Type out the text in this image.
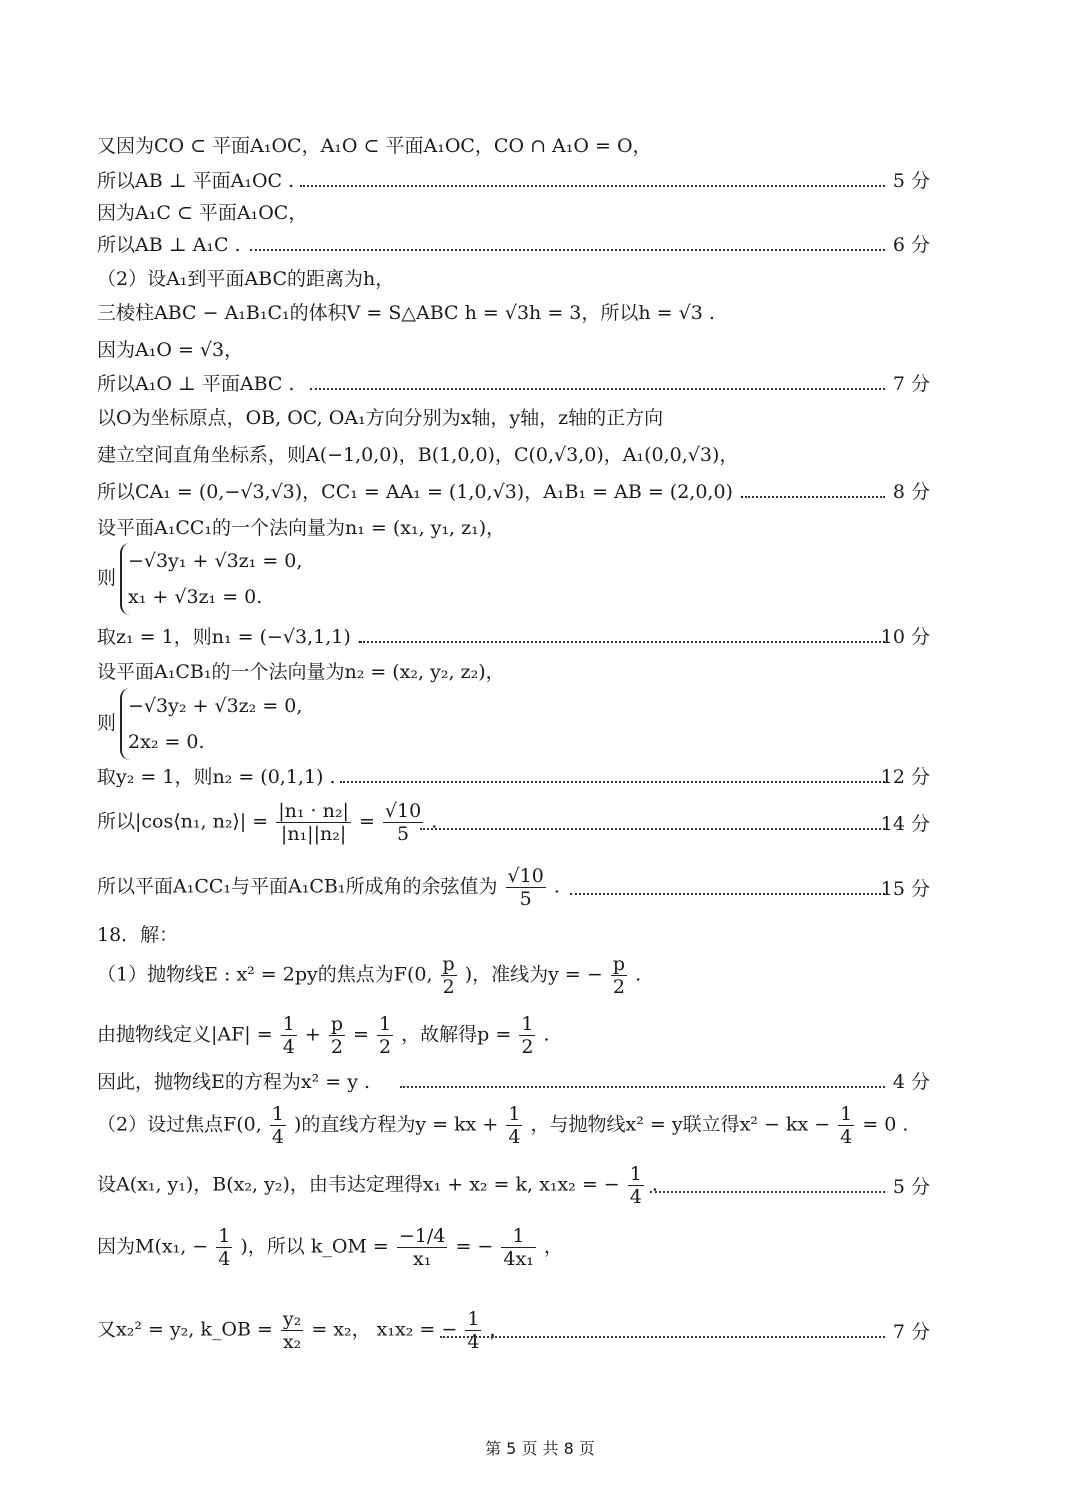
又因为CO ⊂ 平面A₁OC，A₁O ⊂ 平面A₁OC，CO ∩ A₁O = O，
所以AB ⊥ 平面A₁OC .	5 分
因为A₁C ⊂ 平面A₁OC，
所以AB ⊥ A₁C .	6 分
（2）设A₁到平面ABC的距离为h，
三棱柱ABC − A₁B₁C₁的体积V = S△ABC h = √3h = 3，所以h = √3 .
因为A₁O = √3，
所以A₁O ⊥ 平面ABC .	7 分
以O为坐标原点，OB, OC, OA₁方向分别为x轴，y轴，z轴的正方向
建立空间直角坐标系，则A(−1,0,0)，B(1,0,0)，C(0,√3,0)，A₁(0,0,√3)，
所以CA₁ = (0,−√3,√3)，CC₁ = AA₁ = (1,0,√3)，A₁B₁ = AB = (2,0,0) .	8 分
设平面A₁CC₁的一个法向量为n₁ = (x₁, y₁, z₁)，
则
−√3y₁ + √3z₁ = 0,
x₁ + √3z₁ = 0.
取z₁ = 1，则n₁ = (−√3,1,1) .	10 分
设平面A₁CB₁的一个法向量为n₂ = (x₂, y₂, z₂)，
则
−√3y₂ + √3z₂ = 0,
2x₂ = 0.
取y₂ = 1，则n₂ = (0,1,1) .	12 分
所以|cos⟨n₁, n₂⟩| = $\frac{\text{|n₁ · n₂|}}{\text{|n₁||n₂|}} = \frac{√10}{5}$ .	14 分
所以平面A₁CC₁与平面A₁CB₁所成角的余弦值为 $\frac{√10}{5}$ .	15 分
18．解：
（1）抛物线E : x² = 2py的焦点为F(0, $\frac{p}{2}$ )，准线为y = − $\frac{p}{2}$ .
由抛物线定义$|AF| = \frac{1}{4} + \frac{p}{2} = \frac{1}{2}$ ，故解得$p = \frac{1}{2}$ .
因此，抛物线E的方程为x² = y .	4 分
（2）设过焦点F(0, $\frac{1}{4}$ )的直线方程为y = kx + $\frac{1}{4}$ ，与抛物线x² = y联立得x² − kx − $\frac{1}{4} = 0$ .
设A(x₁, y₁)，B(x₂, y₂)，由韦达定理得x₁ + x₂ = k, x₁x₂ = − $\frac{1}{4}$ .	5 分
因为M(x₁, − $\frac{1}{4}$ )，所以 k_OM = $\frac{-1/4}{\text{x₁}}$ = − $\frac{1}{\text{4x₁}}$ ，
又x₂² = y₂, k_OB = $\frac{\text{y₂}}{\text{x₂}} = x_2$， x₁x₂ = − $\frac{1}{4}$ ，	7 分
第 5 页 共 8 页
